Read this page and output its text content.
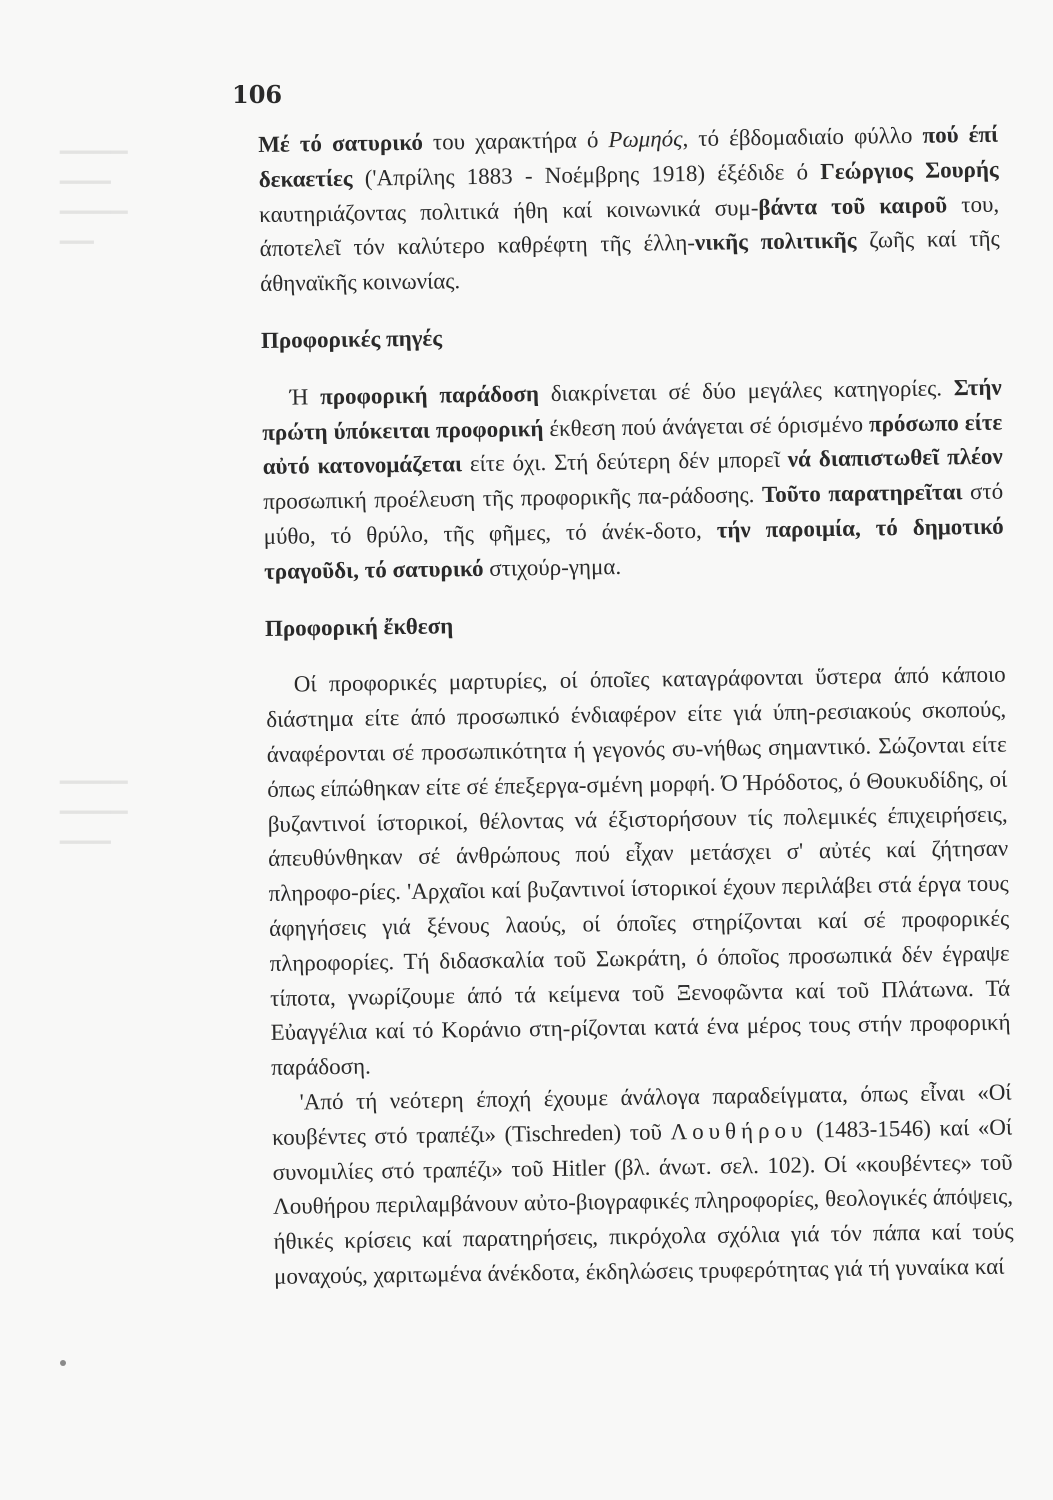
▔▔▔▔
▔▔▔
▔▔▔▔
▔▔
▔▔▔▔
▔▔▔▔
▔▔▔
106

Μέ τό σατυρικό του χαρακτήρα ό Ρωμηός, τό έβδομαδιαίο φύλλο πού έπί δεκαετίες ('Απρίλης 1883 - Νοέμβρης 1918) έξέδιδε ό Γεώργιος Σουρής καυτηριάζοντας πολιτικά ήθη καί κοινωνικά συμ-βάντα τοῦ καιροῦ του, άποτελεῖ τόν καλύτερο καθρέφτη τῆς έλλη-νικῆς πολιτικῆς ζωῆς καί τῆς άθηναϊκῆς κοινωνίας.

Προφορικές πηγές

Ή προφορική παράδοση διακρίνεται σέ δύο μεγάλες κατηγορίες. Στήν πρώτη ύπόκειται προφορική έκθεση πού άνάγεται σέ όρισμένο πρόσωπο είτε αὐτό κατονομάζεται είτε όχι. Στή δεύτερη δέν μπορεῖ νά διαπιστωθεῖ πλέον προσωπική προέλευση τῆς προφορικῆς πα-ράδοσης. Τοῦτο παρατηρεῖται στό μύθο, τό θρύλο, τῆς φῆμες, τό άνέκ-δοτο, τήν παροιμία, τό δημοτικό τραγοῦδι, τό σατυρικό στιχούρ-γημα.

Προφορική ἔκθεση

Οί προφορικές μαρτυρίες, οί όποῖες καταγράφονται ὕστερα άπό κάποιο διάστημα είτε άπό προσωπικό ένδιαφέρον είτε γιά ύπη-ρεσιακούς σκοπούς, άναφέρονται σέ προσωπικότητα ή γεγονός συ-νήθως σημαντικό. Σώζονται είτε όπως είπώθηκαν είτε σέ έπεξεργα-σμένη μορφή. Ό Ήρόδοτος, ό Θουκυδίδης, οί βυζαντινοί ίστορικοί, θέλοντας νά έξιστορήσουν τίς πολεμικές έπιχειρήσεις, άπευθύνθηκαν σέ άνθρώπους πού εἶχαν μετάσχει σ' αὐτές καί ζήτησαν πληροφο-ρίες. 'Αρχαῖοι καί βυζαντινοί ίστορικοί έχουν περιλάβει στά έργα τους άφηγήσεις γιά ξένους λαούς, οί όποῖες στηρίζονται καί σέ προφορικές πληροφορίες. Τή διδασκαλία τοῦ Σωκράτη, ό όποῖος προσωπικά δέν έγραψε τίποτα, γνωρίζουμε άπό τά κείμενα τοῦ Ξενοφῶντα καί τοῦ Πλάτωνα. Τά Εὐαγγέλια καί τό Κοράνιο στη-ρίζονται κατά ένα μέρος τους στήν προφορική παράδοση.

'Από τή νεότερη έποχή έχουμε άνάλογα παραδείγματα, όπως εἶναι «Οί κουβέντες στό τραπέζι» (Tischreden) τοῦ Λουθήρου (1483-1546) καί «Οί συνομιλίες στό τραπέζι» τοῦ Hitler (βλ. άνωτ. σελ. 102). Οί «κουβέντες» τοῦ Λουθήρου περιλαμβάνουν αὐτο-βιογραφικές πληροφορίες, θεολογικές άπόψεις, ήθικές κρίσεις καί παρατηρήσεις, πικρόχολα σχόλια γιά τόν πάπα καί τούς μοναχούς, χαριτωμένα άνέκδοτα, έκδηλώσεις τρυφερότητας γιά τή γυναίκα καί
